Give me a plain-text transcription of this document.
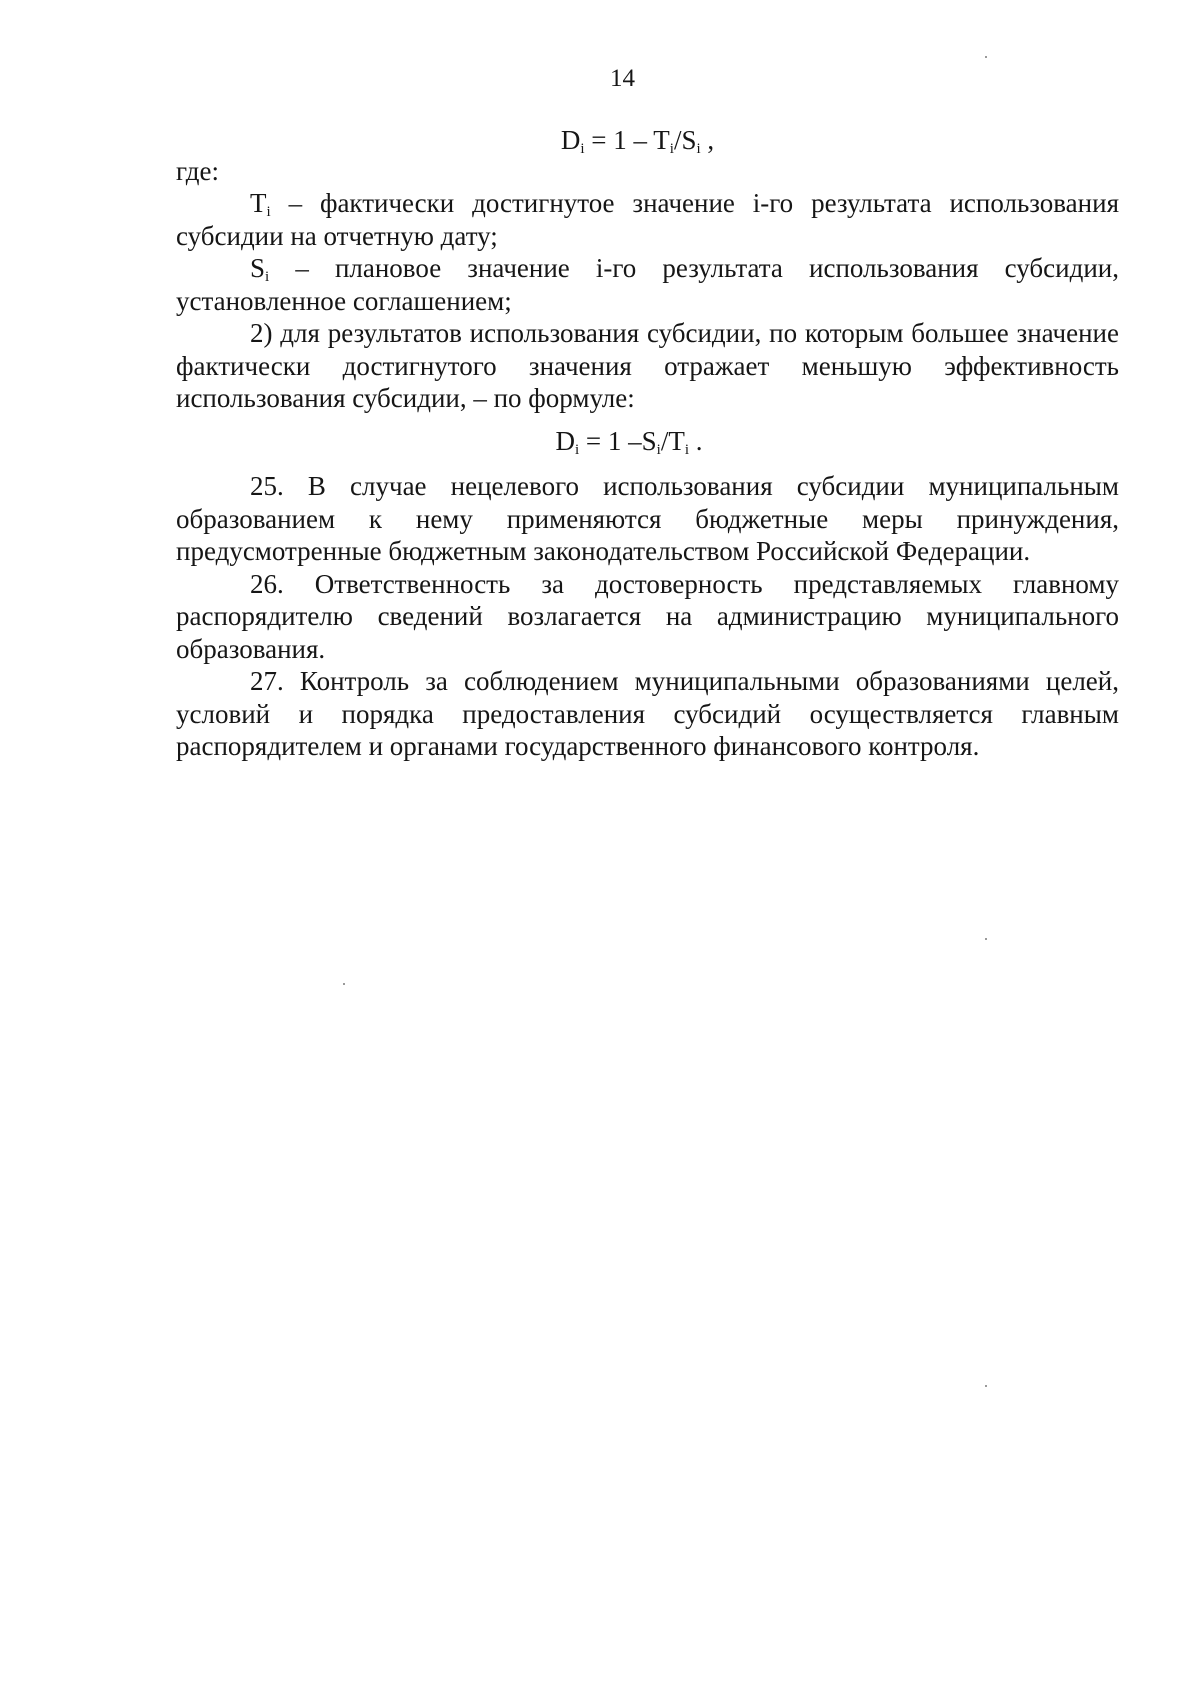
14
$D_i = 1 - T_i/S_i$ ,
где:

$T_i$ – фактически достигнутое значение i-го результата использования субсидии на отчетную дату;

$S_i$ – плановое значение i-го результата использования субсидии, установленное соглашением;

2) для результатов использования субсидии, по которым большее значение фактически достигнутого значения отражает меньшую эффективность использования субсидии, – по формуле:

$D_i = 1$ $-S_i/T_i$ .

25. В случае нецелевого использования субсидии муниципальным образованием к нему применяются бюджетные меры принуждения, предусмотренные бюджетным законодательством Российской Федерации.

26. Ответственность за достоверность представляемых главному распорядителю сведений возлагается на администрацию муниципального образования.

27. Контроль за соблюдением муниципальными образованиями целей, условий и порядка предоставления субсидий осуществляется главным распорядителем и органами государственного финансового контроля.
